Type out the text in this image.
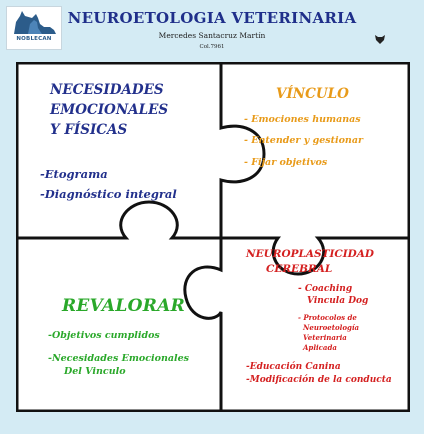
NOBLECAN
NEUROETOLOGIA VETERINARIA
Mercedes Santacruz Martín
Col.7961
NECESIDADES
EMOCIONALES
Y FÍSICAS
-Etograma
-Diagnóstico integral
VÍNCULO
- Emociones humanas
- Entender y gestionar
- Fijar objetivos
REVALORAR
-Objetivos cumplidos
-Necesidades Emocionales
Del Vinculo
NEUROPLASTICIDAD
CEREBRAL
- Coaching
Vincula Dog
- Protocolos de
Neuroetología
Veterinaria
Aplicada
-Educación Canina
-Modificación de la conducta
